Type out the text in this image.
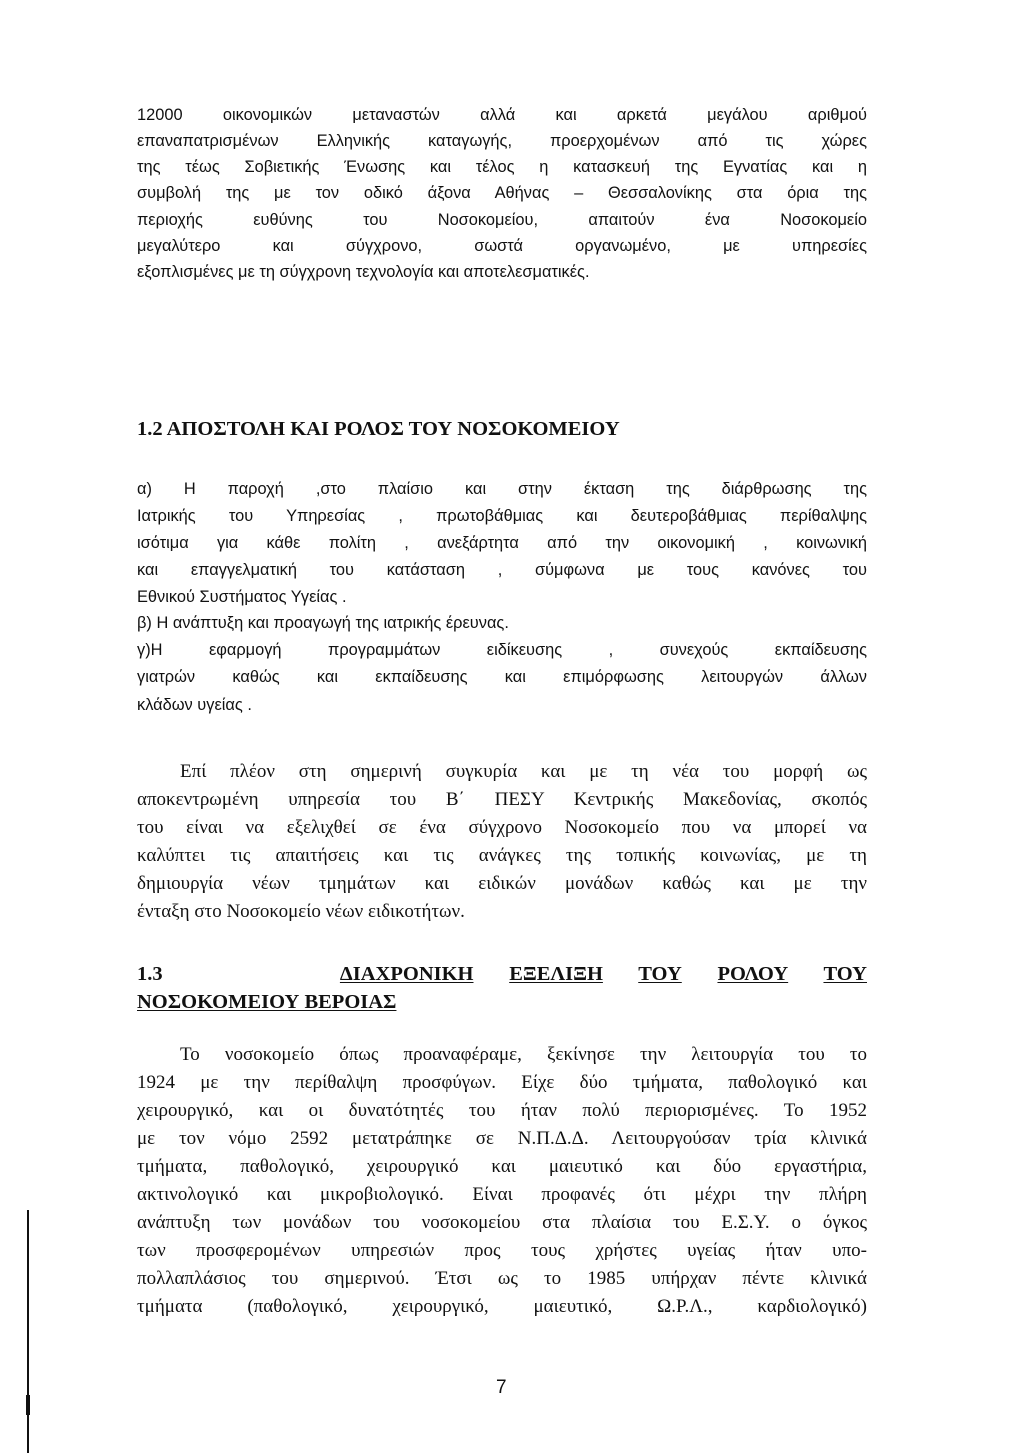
12000 οικονομικών μεταναστών αλλά και αρκετά μεγάλου αριθμού
επαναπατρισμένων Ελληνικής καταγωγής, προερχομένων από τις χώρες
της τέως Σοβιετικής Ένωσης και τέλος η κατασκευή της Εγνατίας και η
συμβολή της με τον οδικό άξονα Αθήνας – Θεσσαλονίκης στα όρια της
περιοχής ευθύνης του Νοσοκομείου, απαιτούν ένα Νοσοκομείο
μεγαλύτερο και σύγχρονο, σωστά οργανωμένο, με υπηρεσίες
εξοπλισμένες με τη σύγχρονη τεχνολογία και αποτελεσματικές.
1.2 ΑΠΟΣΤΟΛΗ ΚΑΙ ΡΟΛΟΣ ΤΟΥ ΝΟΣΟΚΟΜΕΙΟΥ
α) Η παροχή ,στο πλαίσιο και στην έκταση της διάρθρωσης της
Ιατρικής του Υπηρεσίας , πρωτοβάθμιας και δευτεροβάθμιας περίθαλψης
ισότιμα για κάθε πολίτη , ανεξάρτητα από την οικονομική , κοινωνική
και επαγγελματική του κατάσταση , σύμφωνα με τους κανόνες του
Εθνικού Συστήματος Υγείας .
β) Η ανάπτυξη και προαγωγή της ιατρικής έρευνας.
γ)Η εφαρμογή προγραμμάτων ειδίκευσης , συνεχούς εκπαίδευσης
γιατρών καθώς και εκπαίδευσης και επιμόρφωσης λειτουργών άλλων
κλάδων υγείας .
Επί πλέον στη σημερινή συγκυρία και με τη νέα του μορφή ως
αποκεντρωμένη υπηρεσία του Β΄ ΠΕΣΥ Κεντρικής Μακεδονίας, σκοπός
του είναι να εξελιχθεί σε ένα σύγχρονο Νοσοκομείο που να μπορεί να
καλύπτει τις απαιτήσεις και τις ανάγκες της τοπικής κοινωνίας, με τη
δημιουργία νέων τμημάτων και ειδικών μονάδων καθώς και με την
ένταξη στο Νοσοκομείο νέων ειδικοτήτων.
1.3	ΔΙΑΧΡΟΝΙΚΗ ΕΞΕΛΙΞΗ ΤΟΥ ΡΟΛΟΥ ΤΟΥ
ΝΟΣΟΚΟΜΕΙΟΥ ΒΕΡΟΙΑΣ
Το νοσοκομείο όπως προαναφέραμε, ξεκίνησε την λειτουργία του το
1924 με την περίθαλψη προσφύγων. Είχε δύο τμήματα, παθολογικό και
χειρουργικό, και οι δυνατότητές του ήταν πολύ περιορισμένες. Το 1952
με τον νόμο 2592 μετατράπηκε σε Ν.Π.Δ.Δ. Λειτουργούσαν τρία κλινικά
τμήματα, παθολογικό, χειρουργικό και μαιευτικό και δύο εργαστήρια,
ακτινολογικό και μικροβιολογικό. Είναι προφανές ότι μέχρι την πλήρη
ανάπτυξη των μονάδων του νοσοκομείου στα πλαίσια του Ε.Σ.Υ. ο όγκος
των προσφερομένων υπηρεσιών προς τους χρήστες υγείας ήταν υπο-
πολλαπλάσιος του σημερινού. Έτσι ως το 1985 υπήρχαν πέντε κλινικά
τμήματα (παθολογικό, χειρουργικό, μαιευτικό, Ω.Ρ.Λ., καρδιολογικό)
7
